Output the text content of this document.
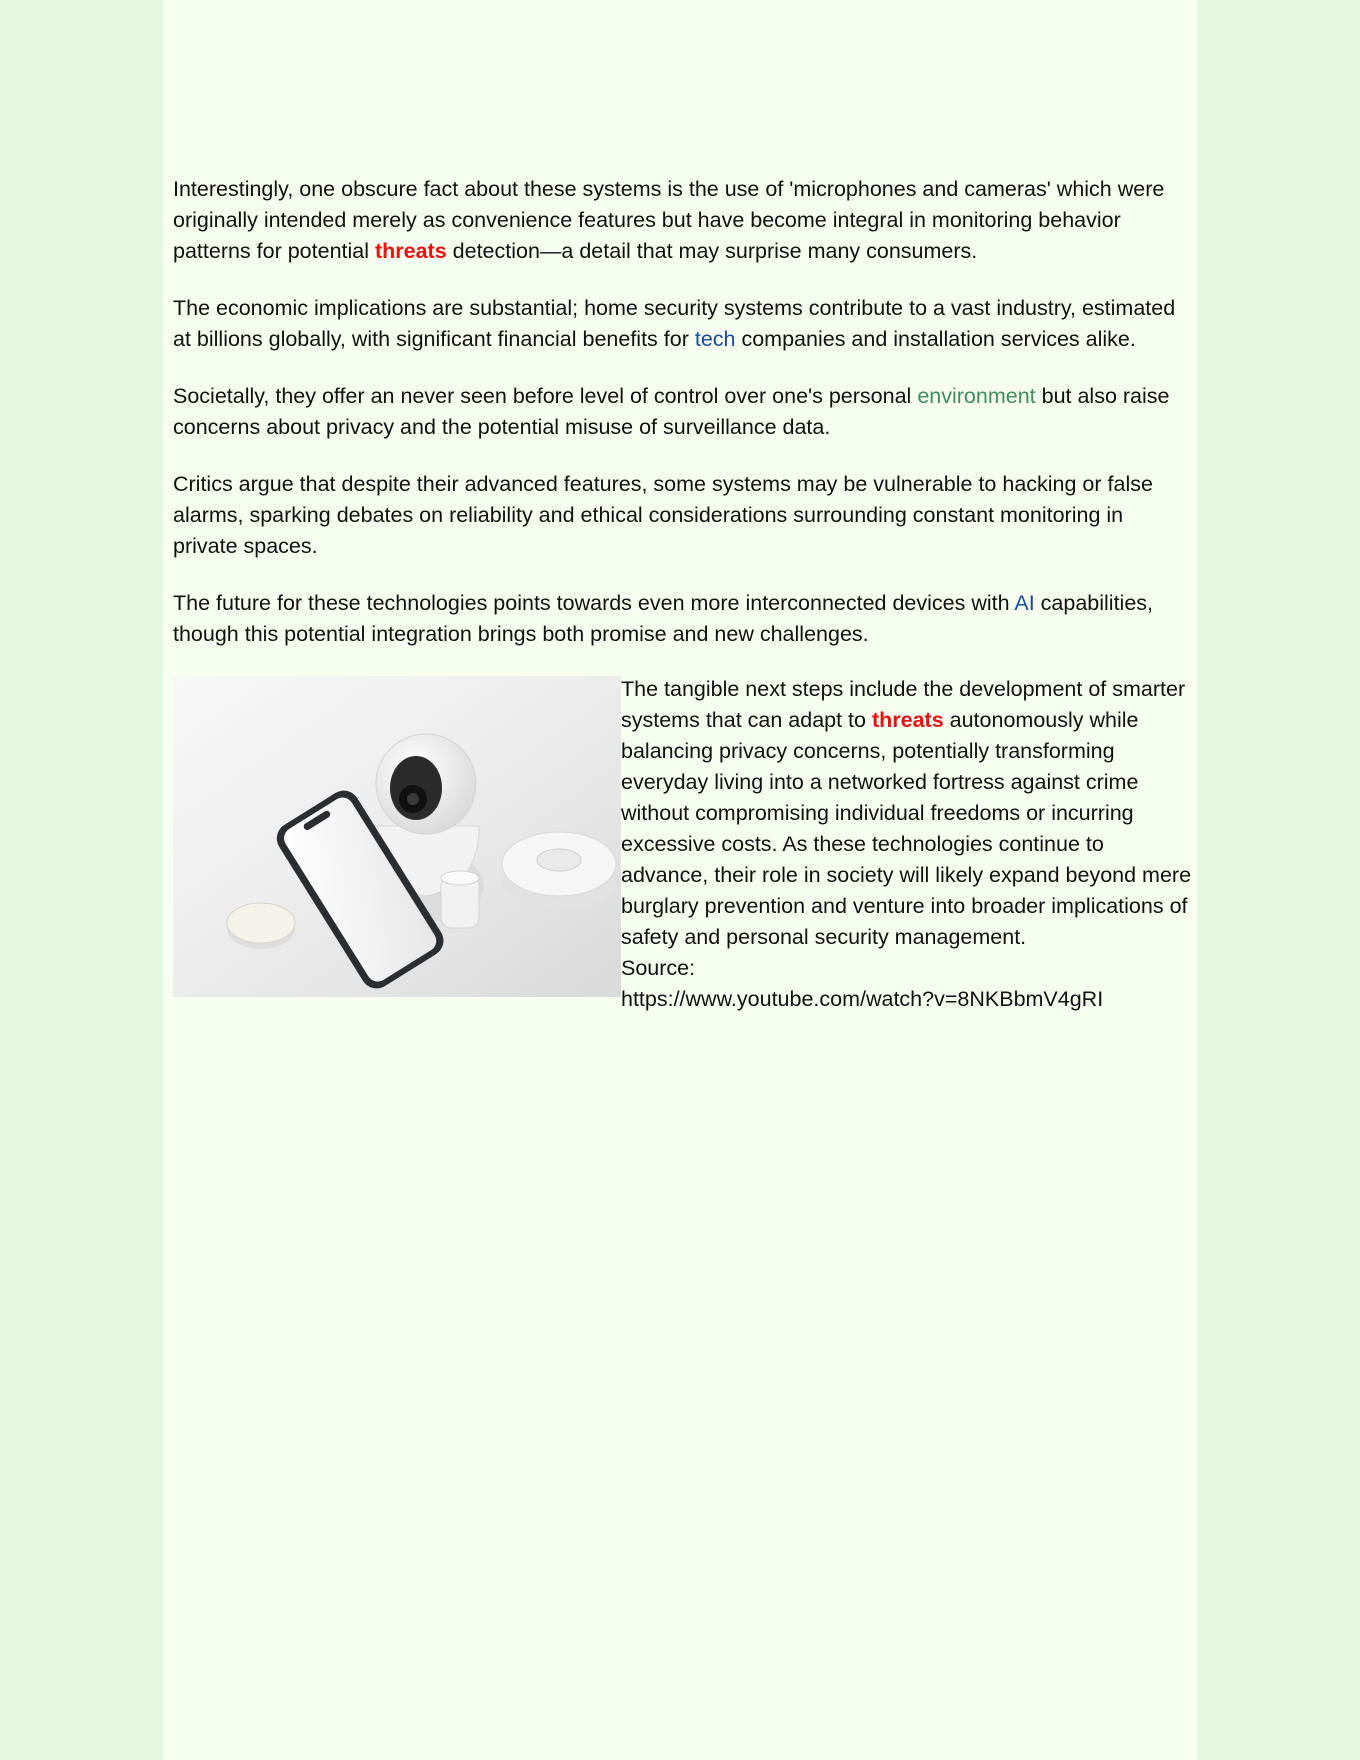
Interestingly, one obscure fact about these systems is the use of 'microphones and cameras' which were originally intended merely as convenience features but have become integral in monitoring behavior patterns for potential threats detection—a detail that may surprise many consumers.

The economic implications are substantial; home security systems contribute to a vast industry, estimated at billions globally, with significant financial benefits for tech companies and installation services alike.

Societally, they offer an never seen before level of control over one's personal environment but also raise concerns about privacy and the potential misuse of surveillance data.

Critics argue that despite their advanced features, some systems may be vulnerable to hacking or false alarms, sparking debates on reliability and ethical considerations surrounding constant monitoring in private spaces.

The future for these technologies points towards even more interconnected devices with AI capabilities, though this potential integration brings both promise and new challenges.

The tangible next steps include the development of smarter systems that can adapt to threats autonomously while balancing privacy concerns, potentially transforming everyday living into a networked fortress against crime without compromising individual freedoms or incurring excessive costs. As these technologies continue to advance, their role in society will likely expand beyond mere burglary prevention and venture into broader implications of safety and personal security management.
Source:
https://www.youtube.com/watch?v=8NKBbmV4gRI
